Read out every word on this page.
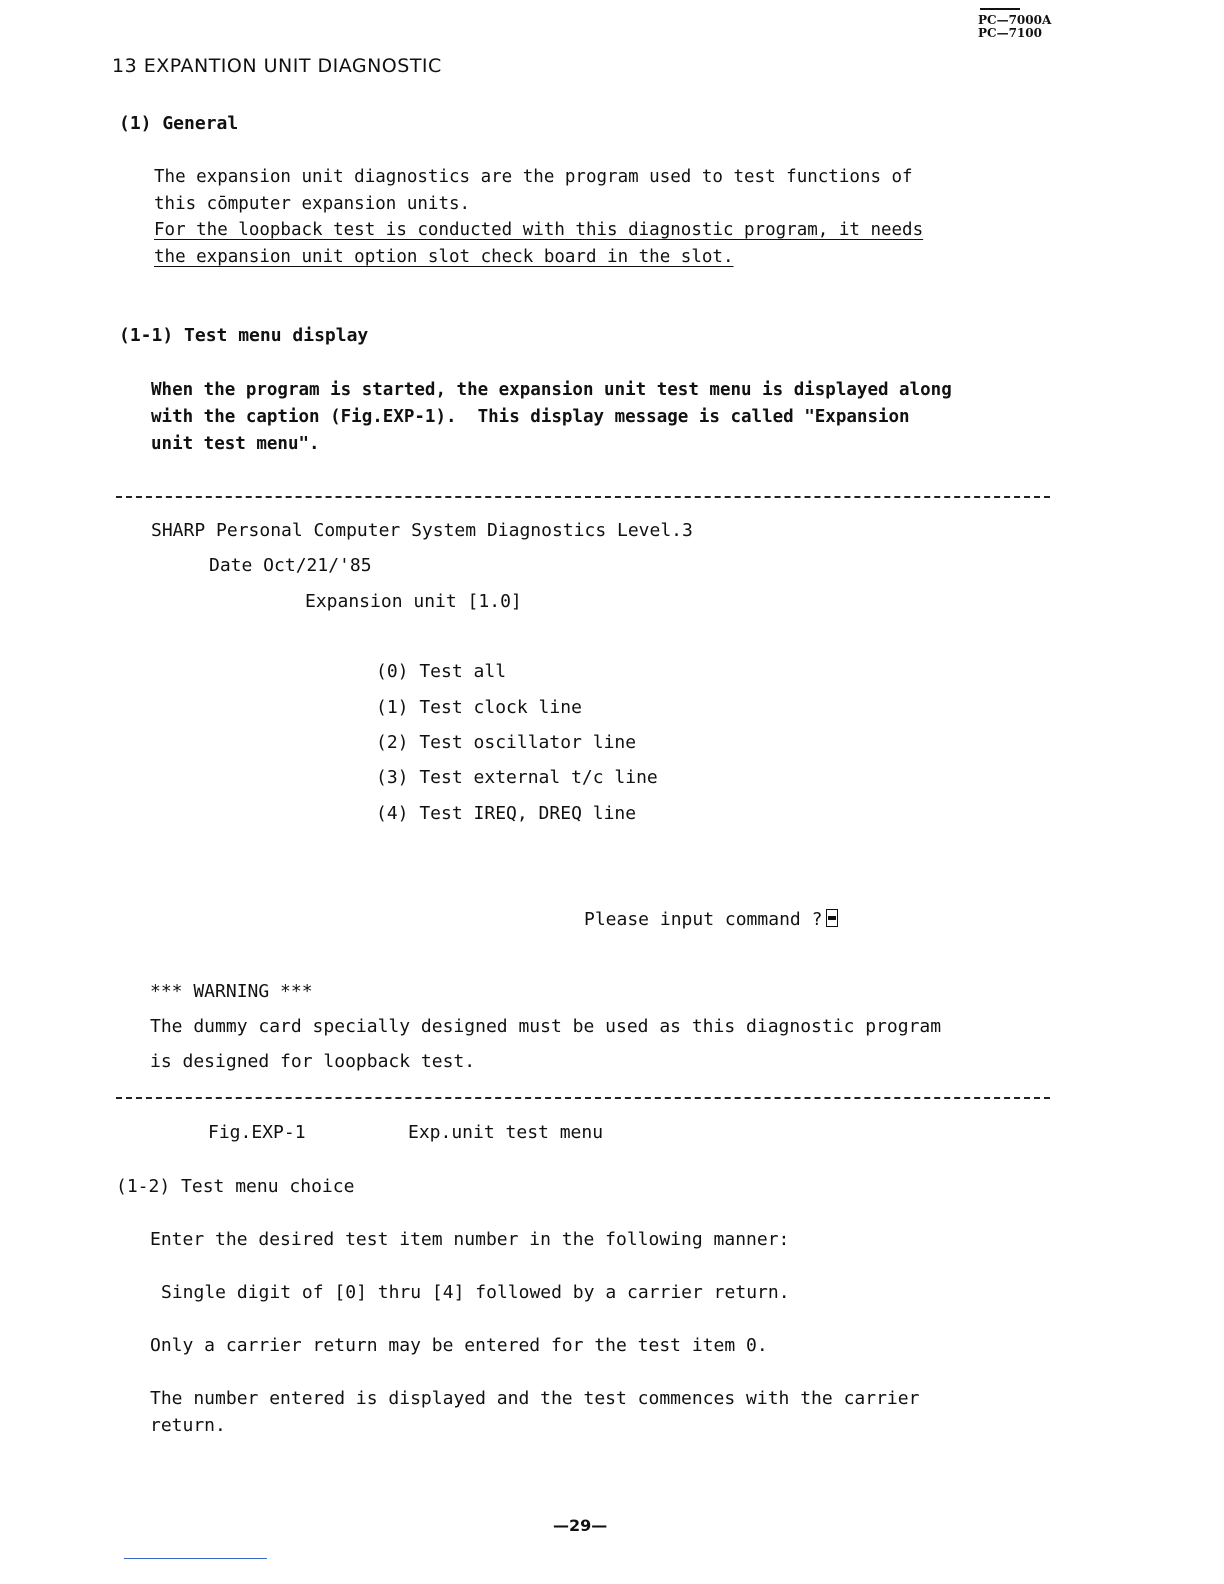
PC—7000A
PC—7100
13 EXPANTION UNIT DIAGNOSTIC
(1) General
The expansion unit diagnostics are the program used to test functions of
this cōmputer expansion units.
For the loopback test is conducted with this diagnostic program, it needs
the expansion unit option slot check board in the slot.
(1-1) Test menu display
When the program is started, the expansion unit test menu is displayed along
with the caption (Fig.EXP-1).  This display message is called "Expansion
unit test menu".
SHARP Personal Computer System Diagnostics Level.3
Date Oct/21/'85
Expansion unit [1.0]
(0) Test all
(1) Test clock line
(2) Test oscillator line
(3) Test external t/c line
(4) Test IREQ, DREQ line
Please input command ?
*** WARNING ***
The dummy card specially designed must be used as this diagnostic program
is designed for loopback test.
Fig.EXP-1	Exp.unit test menu
(1-2) Test menu choice
Enter the desired test item number in the following manner:
Single digit of [0] thru [4] followed by a carrier return.
Only a carrier return may be entered for the test item 0.
The number entered is displayed and the test commences with the carrier
return.
—29—
